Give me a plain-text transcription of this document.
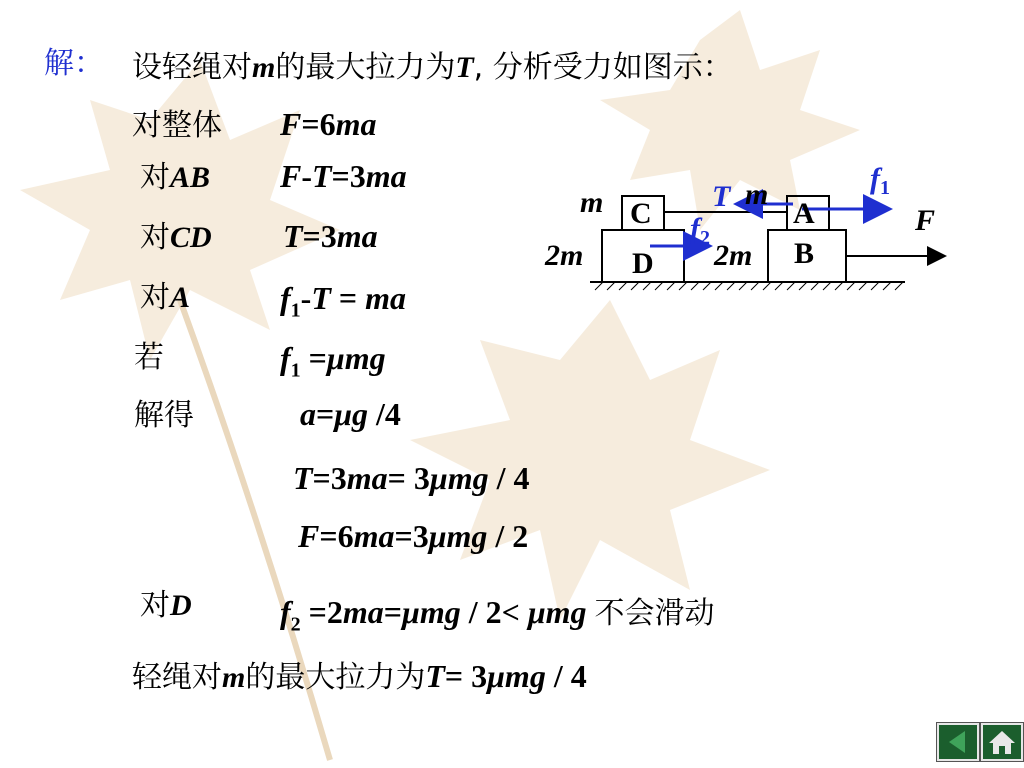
解： 设轻绳对m的最大拉力为T, 分析受力如图示：
对整体 F=6ma
对AB F-T=3ma
对CD T=3ma
对A	$f_1-T$ = ma
若	$f_1 =\mu mg$
解得	a=μg /4
T=3ma= 3μmg / 4
F=6ma=3μmg / 2
对D	$f_2 =2ma=\mu mg / 2< \mu mg$ 不会滑动
轻绳对m的最大拉力为T= 3μmg / 4
C
D
A
B
m
2m
m
2m
T
$f_1$
$f_2$
F
